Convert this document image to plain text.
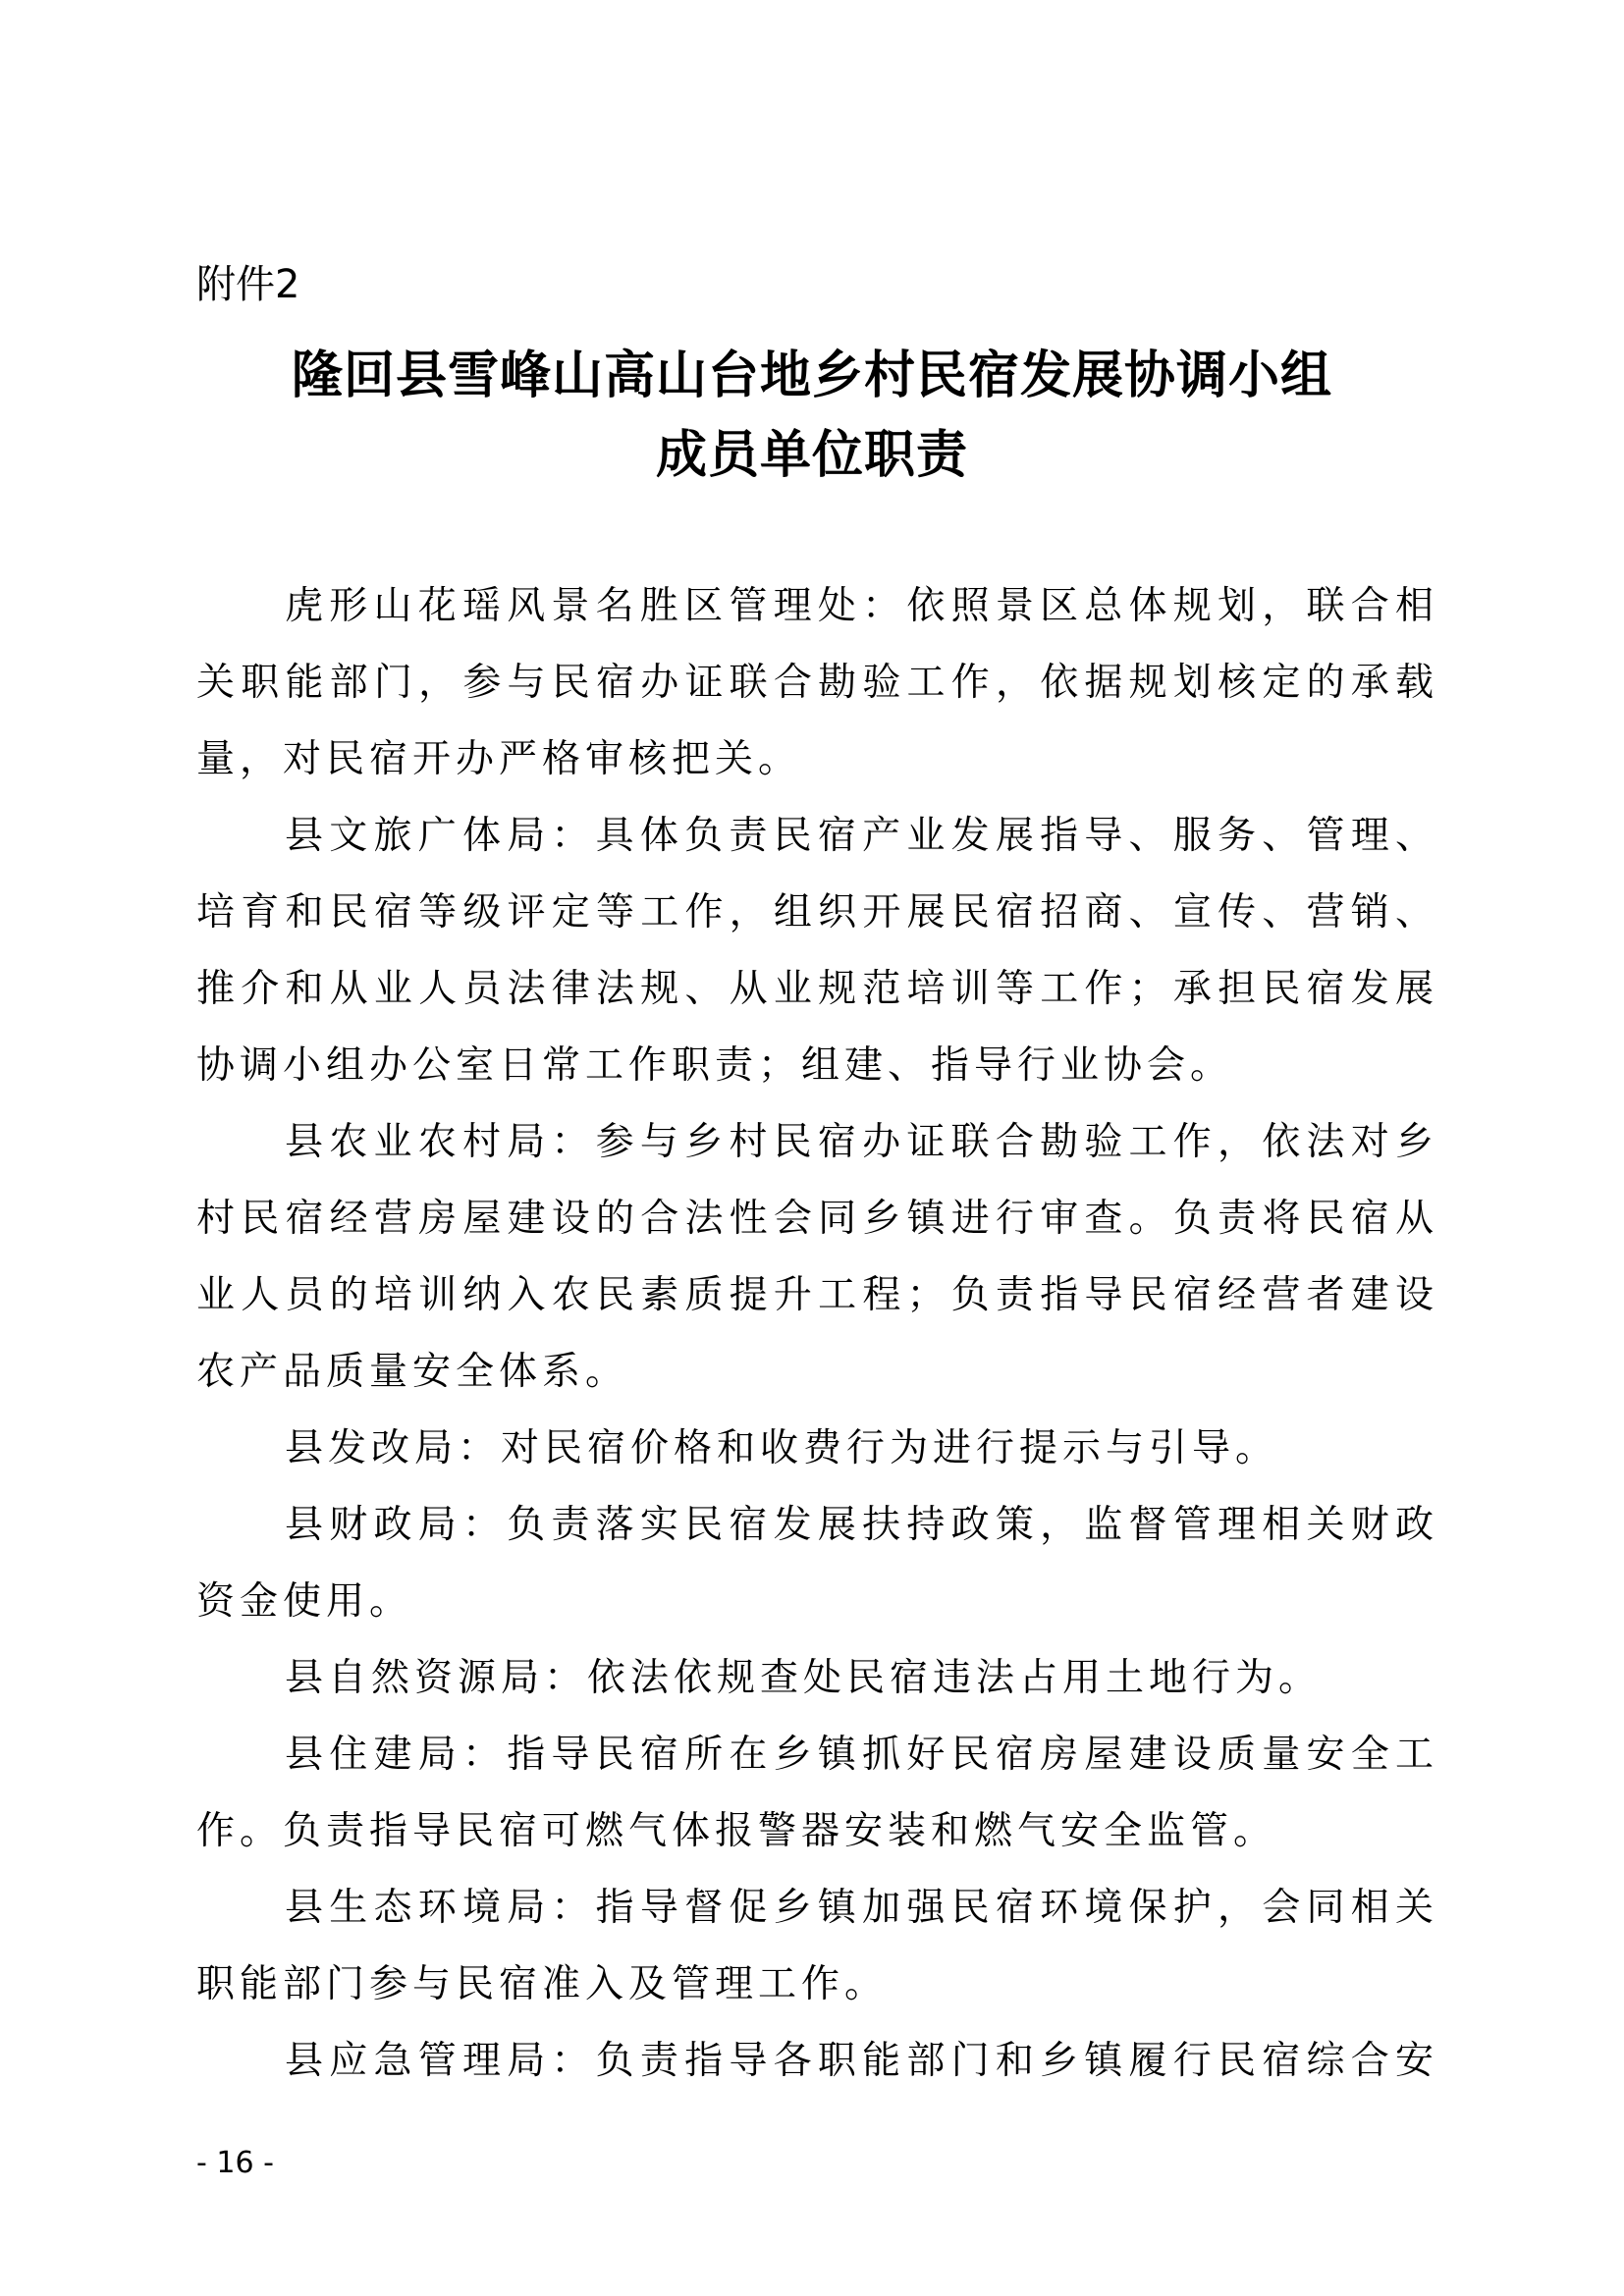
附件2
隆回县雪峰山高山台地乡村民宿发展协调小组
成员单位职责
虎形山花瑶风景名胜区管理处：依照景区总体规划，联合相
关职能部门，参与民宿办证联合勘验工作，依据规划核定的承载
量，对民宿开办严格审核把关。
县文旅广体局：具体负责民宿产业发展指导、服务、管理、
培育和民宿等级评定等工作，组织开展民宿招商、宣传、营销、
推介和从业人员法律法规、从业规范培训等工作；承担民宿发展
协调小组办公室日常工作职责；组建、指导行业协会。
县农业农村局：参与乡村民宿办证联合勘验工作，依法对乡
村民宿经营房屋建设的合法性会同乡镇进行审查。负责将民宿从
业人员的培训纳入农民素质提升工程；负责指导民宿经营者建设
农产品质量安全体系。
县发改局：对民宿价格和收费行为进行提示与引导。
县财政局：负责落实民宿发展扶持政策，监督管理相关财政
资金使用。
县自然资源局：依法依规查处民宿违法占用土地行为。
县住建局：指导民宿所在乡镇抓好民宿房屋建设质量安全工
作。负责指导民宿可燃气体报警器安装和燃气安全监管。
县生态环境局：指导督促乡镇加强民宿环境保护，会同相关
职能部门参与民宿准入及管理工作。
县应急管理局：负责指导各职能部门和乡镇履行民宿综合安
- 16 -
